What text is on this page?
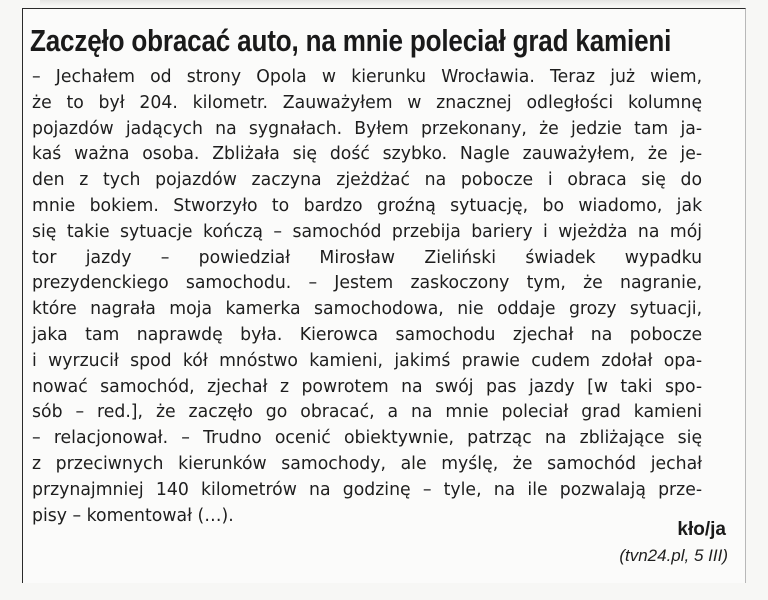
Zaczęło obracać auto, na mnie poleciał grad kamieni
– Jechałem od strony Opola w kierunku Wrocławia. Teraz już wiem,
że to był 204. kilometr. Zauważyłem w znacznej odległości kolumnę
pojazdów jadących na sygnałach. Byłem przekonany, że jedzie tam ja-
kaś ważna osoba. Zbliżała się dość szybko. Nagle zauważyłem, że je-
den z tych pojazdów zaczyna zjeżdżać na pobocze i obraca się do
mnie bokiem. Stworzyło to bardzo groźną sytuację, bo wiadomo, jak
się takie sytuacje kończą – samochód przebija bariery i wjeżdża na mój
tor jazdy – powiedział Mirosław Zieliński świadek wypadku
prezydenckiego samochodu. – Jestem zaskoczony tym, że nagranie,
które nagrała moja kamerka samochodowa, nie oddaje grozy sytuacji,
jaka tam naprawdę była. Kierowca samochodu zjechał na pobocze
i wyrzucił spod kół mnóstwo kamieni, jakimś prawie cudem zdołał opa-
nować samochód, zjechał z powrotem na swój pas jazdy [w taki spo-
sób – red.], że zaczęło go obracać, a na mnie poleciał grad kamieni
– relacjonował. – Trudno ocenić obiektywnie, patrząc na zbliżające się
z przeciwnych kierunków samochody, ale myślę, że samochód jechał
przynajmniej 140 kilometrów na godzinę – tyle, na ile pozwalają prze-
pisy – komentował (…).
kło/ja
(tvn24.pl, 5 III)
